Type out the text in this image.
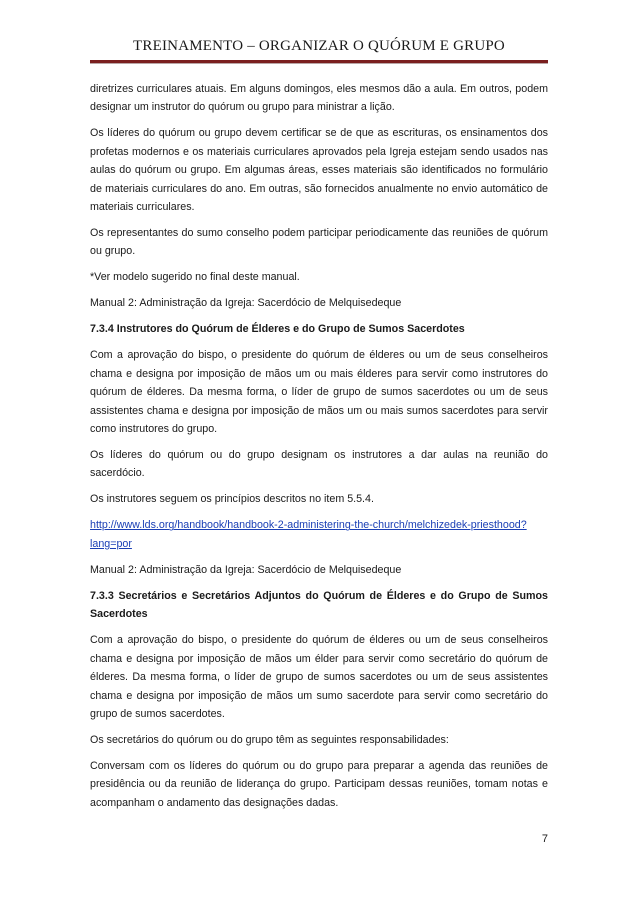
TREINAMENTO – ORGANIZAR O QUÓRUM E GRUPO

diretrizes curriculares atuais. Em alguns domingos, eles mesmos dão a aula. Em outros, podem designar um instrutor do quórum ou grupo para ministrar a lição.

Os líderes do quórum ou grupo devem certificar se de que as escrituras, os ensinamentos dos profetas modernos e os materiais curriculares aprovados pela Igreja estejam sendo usados nas aulas do quórum ou grupo. Em algumas áreas, esses materiais são identificados no formulário de materiais curriculares do ano. Em outras, são fornecidos anualmente no envio automático de materiais curriculares.

Os representantes do sumo conselho podem participar periodicamente das reuniões de quórum ou grupo.

*Ver modelo sugerido no final deste manual.

Manual 2: Administração da Igreja: Sacerdócio de Melquisedeque

7.3.4 Instrutores do Quórum de Élderes e do Grupo de Sumos Sacerdotes

Com a aprovação do bispo, o presidente do quórum de élderes ou um de seus conselheiros chama e designa por imposição de mãos um ou mais élderes para servir como instrutores do quórum de élderes. Da mesma forma, o líder de grupo de sumos sacerdotes ou um de seus assistentes chama e designa por imposição de mãos um ou mais sumos sacerdotes para servir como instrutores do grupo.

Os líderes do quórum ou do grupo designam os instrutores a dar aulas na reunião do sacerdócio.

Os instrutores seguem os princípios descritos no item 5.5.4.

http://www.lds.org/handbook/handbook-2-administering-the-church/melchizedek-priesthood?lang=por

Manual 2: Administração da Igreja: Sacerdócio de Melquisedeque

7.3.3 Secretários e Secretários Adjuntos do Quórum de Élderes e do Grupo de Sumos Sacerdotes

Com a aprovação do bispo, o presidente do quórum de élderes ou um de seus conselheiros chama e designa por imposição de mãos um élder para servir como secretário do quórum de élderes. Da mesma forma, o líder de grupo de sumos sacerdotes ou um de seus assistentes chama e designa por imposição de mãos um sumo sacerdote para servir como secretário do grupo de sumos sacerdotes.

Os secretários do quórum ou do grupo têm as seguintes responsabilidades:

Conversam com os líderes do quórum ou do grupo para preparar a agenda das reuniões de presidência ou da reunião de liderança do grupo. Participam dessas reuniões, tomam notas e acompanham o andamento das designações dadas.

7
